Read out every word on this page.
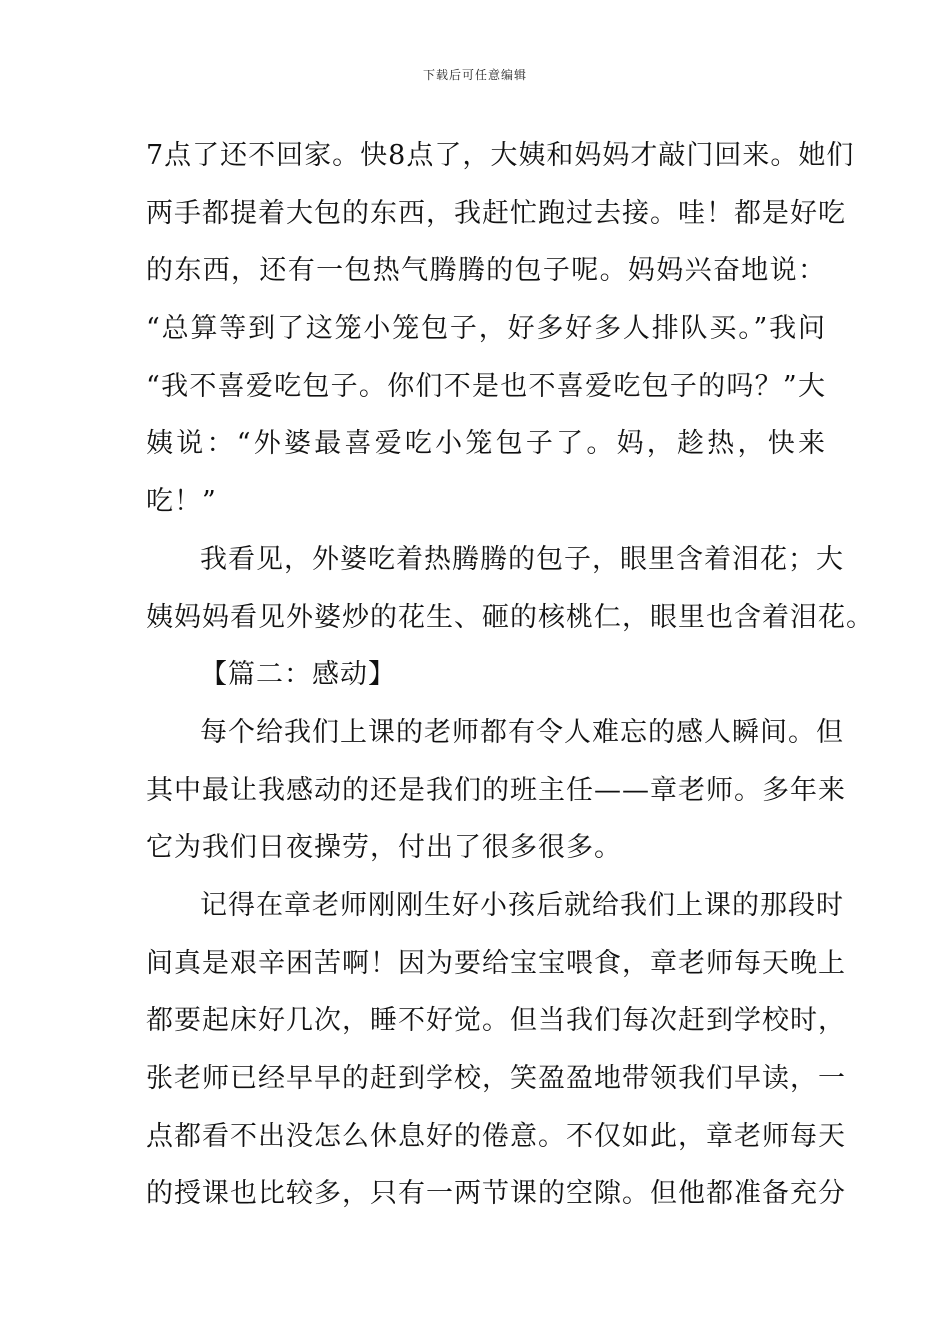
下载后可任意编辑
7点了还不回家。快8点了，大姨和妈妈才敲门回来。她们
两手都提着大包的东西，我赶忙跑过去接。哇！都是好吃
的东西，还有一包热气腾腾的包子呢。妈妈兴奋地说：
“总算等到了这笼小笼包子，好多好多人排队买。”我问
“我不喜爱吃包子。你们不是也不喜爱吃包子的吗？”大
姨说：“外婆最喜爱吃小笼包子了。妈，趁热，快来
吃！”
我看见，外婆吃着热腾腾的包子，眼里含着泪花；大
姨妈妈看见外婆炒的花生、砸的核桃仁，眼里也含着泪花。
【篇二：感动】
每个给我们上课的老师都有令人难忘的感人瞬间。但
其中最让我感动的还是我们的班主任——章老师。多年来
它为我们日夜操劳，付出了很多很多。
记得在章老师刚刚生好小孩后就给我们上课的那段时
间真是艰辛困苦啊！因为要给宝宝喂食，章老师每天晚上
都要起床好几次，睡不好觉。但当我们每次赶到学校时，
张老师已经早早的赶到学校，笑盈盈地带领我们早读，一
点都看不出没怎么休息好的倦意。不仅如此，章老师每天
的授课也比较多，只有一两节课的空隙。但他都准备充分
